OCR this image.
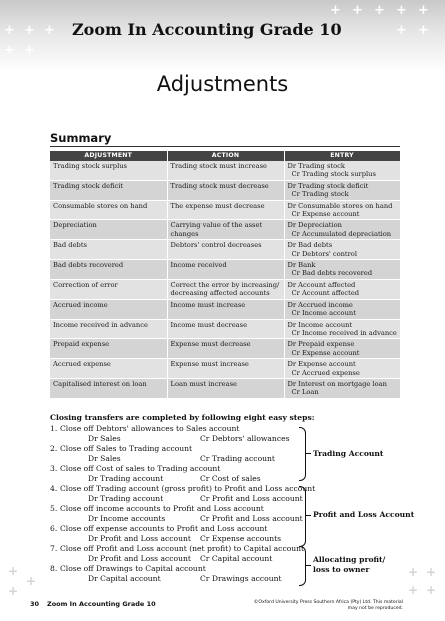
+ + +
+ +
+ + + + +
+
+
+
+
+
+ +
+ +
Zoom In Accounting Grade 10
Adjustments
Summary
ADJUSTMENT	ACTION	ENTRY
Trading stock surplus	Trading stock must increase	Dr Trading stock
Cr Trading stock surplus

Trading stock deficit	Trading stock must decrease	Dr Trading stock deficit
Cr Trading stock

Consumable stores on hand	The expense must decrease	Dr Consumable stores on hand
Cr Expense account

Depreciation	Carrying value of the asset changes	Dr Depreciation
Cr Accumulated depreciation

Bad debts	Debtors' control decreases	Dr Bad debts
Cr Debtors' control

Bad debts recovered	Income received	Dr Bank
Cr Bad debts recovered

Correction of error	Correct the error by increasing/ decreasing affected accounts	Dr Account affected
Cr Account affected

Accrued income	Income must increase	Dr Accrued income
Cr Income account

Income received in advance	Income must decrease	Dr Income account
Cr Income received in advance

Prepaid expense	Expense must decrease	Dr Prepaid expense
Cr Expense account

Accrued expense	Expense must increase	Dr Expense account
Cr Accrued expense

Capitalised interest on loan	Loan must increase	Dr Interest on mortgage loan
Cr Loan
Closing transfers are completed by following eight easy steps:
1. Close off Debtors' allowances to Sales account
Dr Sales	Cr Debtors' allowances
2. Close off Sales to Trading account
Dr Sales	Cr Trading account
3. Close off Cost of sales to Trading account
Dr Trading account	Cr Cost of sales
4. Close off Trading account (gross profit) to Profit and Loss account
Dr Trading account	Cr Profit and Loss account
5. Close off income accounts to Profit and Loss account
Dr Income accounts	Cr Profit and Loss account
6. Close off expense accounts to Profit and Loss account
Dr Profit and Loss account Cr Expense accounts
7. Close off Profit and Loss account (net profit) to Capital account
Dr Profit and Loss account Cr Capital account
8. Close off Drawings to Capital account
Dr Capital account	Cr Drawings account
Trading Account
Profit and Loss Account
Allocating profit/
loss to owner
30 Zoom In Accounting Grade 10	©Oxford University Press Southern Africa (Pty) Ltd. This material
may not be reproduced.
